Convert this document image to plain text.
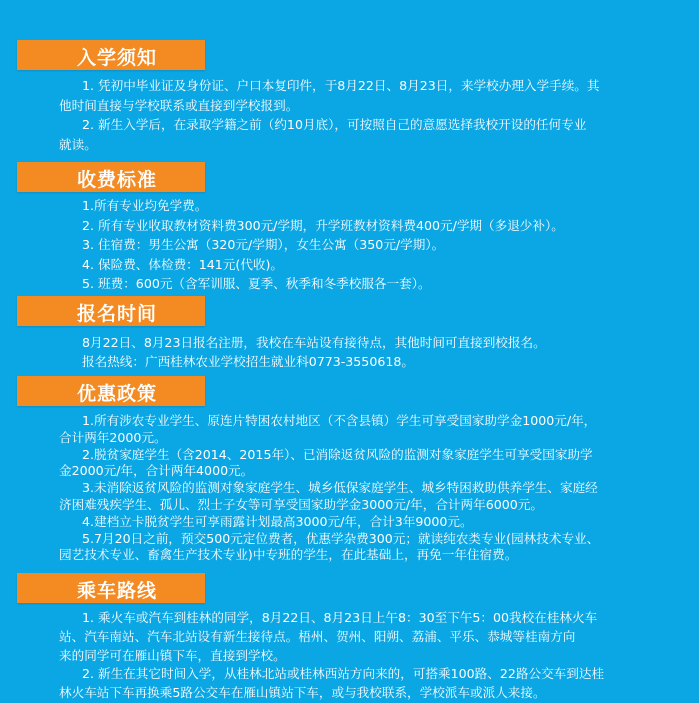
入学须知
1. 凭初中毕业证及身份证、户口本复印件，于8月22日、8月23日，来学校办理入学手续。其
他时间直接与学校联系或直接到学校报到。
2. 新生入学后，在录取学籍之前（约10月底），可按照自己的意愿选择我校开设的任何专业
就读。
收费标准
1.所有专业均免学费。
2. 所有专业收取教材资料费300元/学期，升学班教材资料费400元/学期（多退少补）。
3. 住宿费：男生公寓（320元/学期），女生公寓（350元/学期）。
4. 保险费、体检费：141元(代收)。
5. 班费：600元（含军训服、夏季、秋季和冬季校服各一套）。
报名时间
8月22日、8月23日报名注册，我校在车站设有接待点，其他时间可直接到校报名。
报名热线：广西桂林农业学校招生就业科0773-3550618。
优惠政策
1.所有涉农专业学生、原连片特困农村地区（不含县镇）学生可享受国家助学金1000元/年，
合计两年2000元。
2.脱贫家庭学生（含2014、2015年）、已消除返贫风险的监测对象家庭学生可享受国家助学
金2000元/年，合计两年4000元。
3.未消除返贫风险的监测对象家庭学生、城乡低保家庭学生、城乡特困救助供养学生、家庭经
济困难残疾学生、孤儿、烈士子女等可享受国家助学金3000元/年，合计两年6000元。
4.建档立卡脱贫学生可享雨露计划最高3000元/年，合计3年9000元。
5.7月20日之前，预交500元定位费者，优惠学杂费300元；就读纯农类专业(园林技术专业、
园艺技术专业、畜禽生产技术专业)中专班的学生，在此基础上，再免一年住宿费。
乘车路线
1. 乘火车或汽车到桂林的同学，8月22日、8月23日上午8：30至下午5：00我校在桂林火车
站、汽车南站、汽车北站设有新生接待点。梧州、贺州、阳朔、荔浦、平乐、恭城等桂南方向
来的同学可在雁山镇下车，直接到学校。
2. 新生在其它时间入学，从桂林北站或桂林西站方向来的，可搭乘100路、22路公交车到达桂
林火车站下车再换乘5路公交车在雁山镇站下车，或与我校联系，学校派车或派人来接。
